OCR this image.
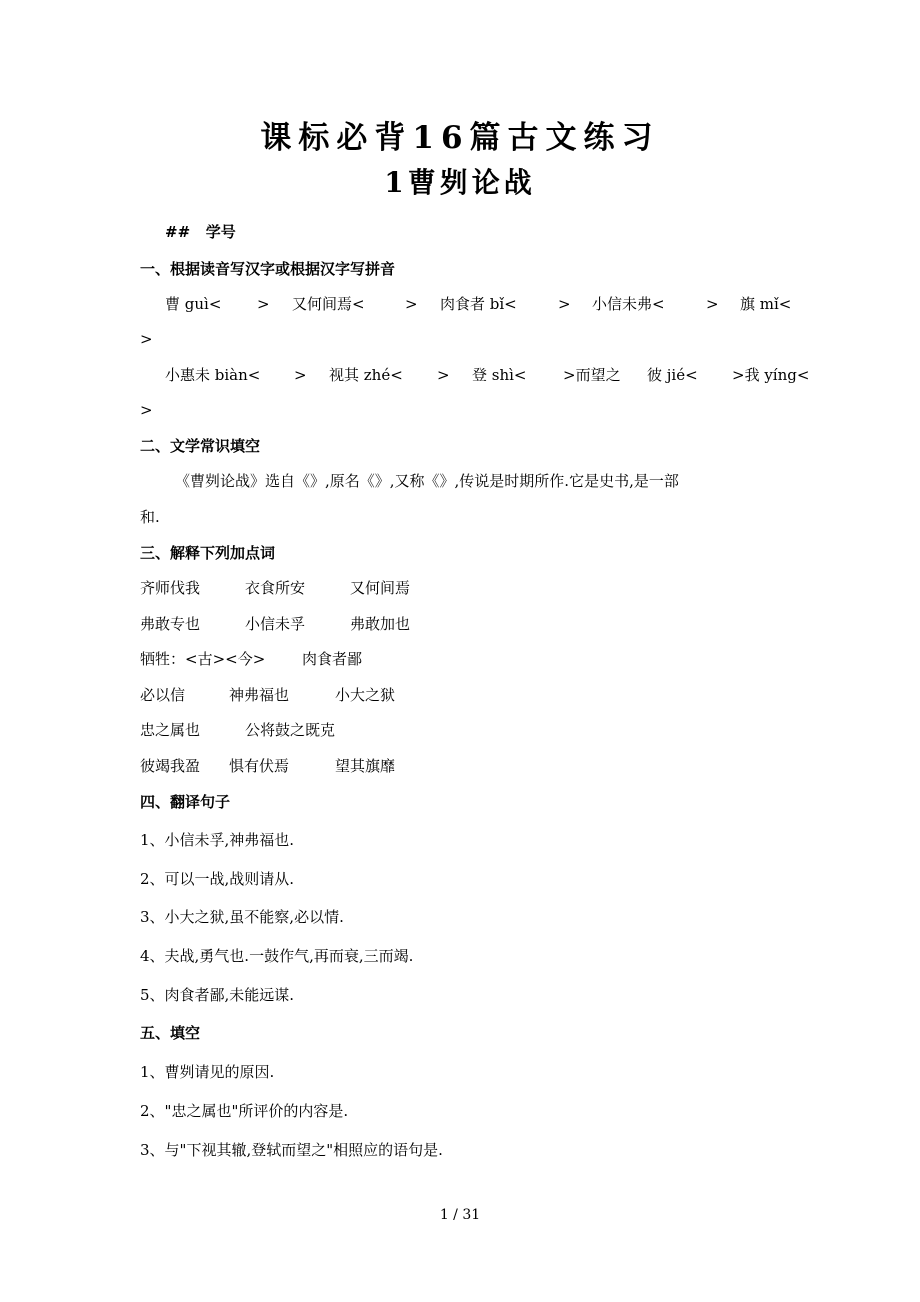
课标必背16篇古文练习
1曹刿论战
##   学号
一、根据读音写汉字或根据汉字写拼音
曹 guì< > 又何间焉<	> 肉食者 bǐ<	> 小信未弗<	> 旗 mǐ<
>
小惠未 biàn< > 视其 zhé< > 登 shì< >而望之 彼 jié< >我 yíng<
>
二、文学常识填空
《曹刿论战》选自《》,原名《》,又称《》,传说是时期所作.它是史书,是一部
和.
三、解释下列加点词
齐师伐我	衣食所安	又何间焉
弗敢专也	小信未孚	弗敢加也
牺牲：<古><今> 肉食者鄙
必以信	神弗福也	小大之狱
忠之属也	公将鼓之既克
彼竭我盈 惧有伏焉	望其旗靡
四、翻译句子
1、小信未孚,神弗福也.
2、可以一战,战则请从.
3、小大之狱,虽不能察,必以情.
4、夫战,勇气也.一鼓作气,再而衰,三而竭.
5、肉食者鄙,未能远谋.
五、填空
1、曹刿请见的原因.
2、"忠之属也"所评价的内容是.
3、与"下视其辙,登轼而望之"相照应的语句是.
1 / 31
